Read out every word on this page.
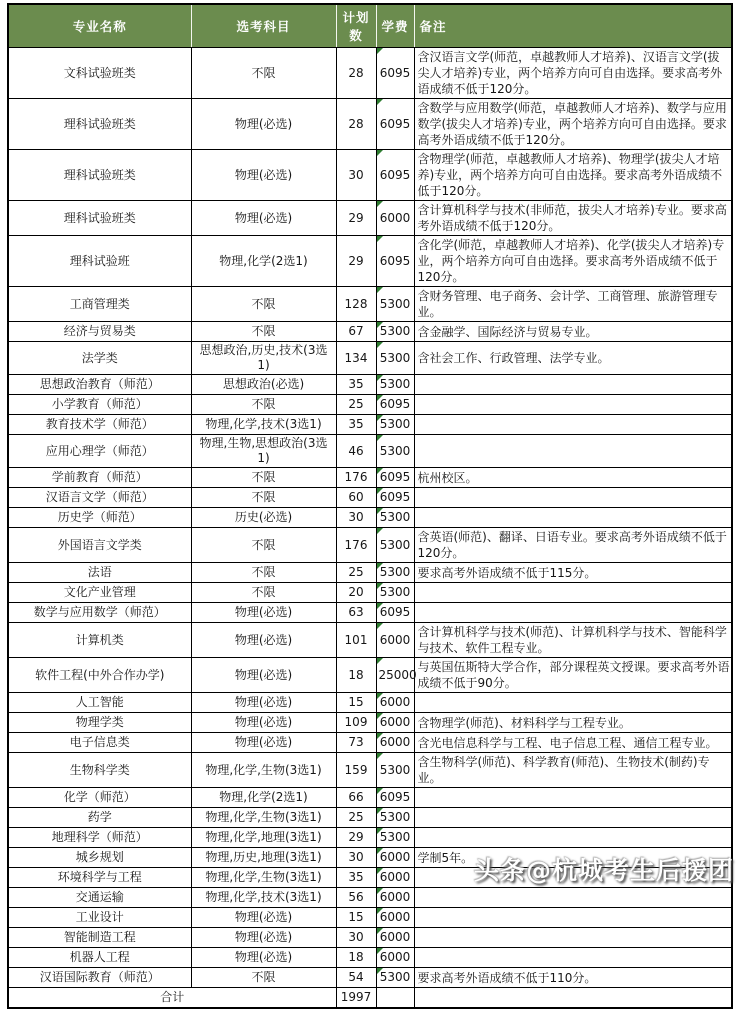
专业名称	选考科目	计划数	学费	备注
文科试验班类	不限	28	6095	含汉语言文学(师范，卓越教师人才培养)、汉语言文学(拔尖人才培养)专业，两个培养方向可自由选择。要求高考外语成绩不低于120分。
理科试验班类	物理(必选)	28	6095	含数学与应用数学(师范，卓越教师人才培养)、数学与应用数学(拔尖人才培养)专业，两个培养方向可自由选择。要求高考外语成绩不低于120分。
理科试验班类	物理(必选)	30	6095	含物理学(师范，卓越教师人才培养)、物理学(拔尖人才培养)专业，两个培养方向可自由选择。要求高考外语成绩不低于120分。
理科试验班类	物理(必选)	29	6000	含计算机科学与技术(非师范，拔尖人才培养)专业。要求高考外语成绩不低于120分。
理科试验班	物理,化学(2选1)	29	6095	含化学(师范，卓越教师人才培养)、化学(拔尖人才培养)专业，两个培养方向可自由选择。要求高考外语成绩不低于120分。
工商管理类	不限	128	5300	含财务管理、电子商务、会计学、工商管理、旅游管理专业。
经济与贸易类	不限	67	5300	含金融学、国际经济与贸易专业。
法学类	思想政治,历史,技术(3选1)	134	5300	含社会工作、行政管理、法学专业。
思想政治教育（师范）	思想政治(必选)	35	5300	
小学教育（师范）	不限	25	6095	
教育技术学（师范）	物理,化学,技术(3选1)	35	5300	
应用心理学（师范）	物理,生物,思想政治(3选1)	46	5300	
学前教育（师范）	不限	176	6095	杭州校区。
汉语言文学（师范）	不限	60	6095	
历史学（师范）	历史(必选)	30	5300	
外国语言文学类	不限	176	5300	含英语(师范)、翻译、日语专业。要求高考外语成绩不低于120分。
法语	不限	25	5300	要求高考外语成绩不低于115分。
文化产业管理	不限	20	5300	
数学与应用数学（师范）	物理(必选)	63	6095	
计算机类	物理(必选)	101	6000	含计算机科学与技术(师范)、计算机科学与技术、智能科学与技术、软件工程专业。
软件工程(中外合作办学)	物理(必选)	18	25000	与英国伍斯特大学合作，部分课程英文授课。要求高考外语成绩不低于90分。
人工智能	物理(必选)	15	6000	
物理学类	物理(必选)	109	6000	含物理学(师范)、材料科学与工程专业。
电子信息类	物理(必选)	73	6000	含光电信息科学与工程、电子信息工程、通信工程专业。
生物科学类	物理,化学,生物(3选1)	159	5300	含生物科学(师范)、科学教育(师范)、生物技术(制药)专业。
化学（师范）	物理,化学(2选1)	66	6095	
药学	物理,化学,生物(3选1)	25	5300	
地理科学（师范）	物理,化学,地理(3选1)	29	5300	
城乡规划	物理,历史,地理(3选1)	30	6000	学制5年。
环境科学与工程	物理,化学,生物(3选1)	35	6000	
交通运输	物理,化学,技术(3选1)	56	6000	
工业设计	物理(必选)	15	6000	
智能制造工程	物理(必选)	30	6000	
机器人工程	物理(必选)	18	6000	
汉语国际教育（师范）	不限	54	5300	要求高考外语成绩不低于110分。
合计		1997		
头条@杭城考生后援团
